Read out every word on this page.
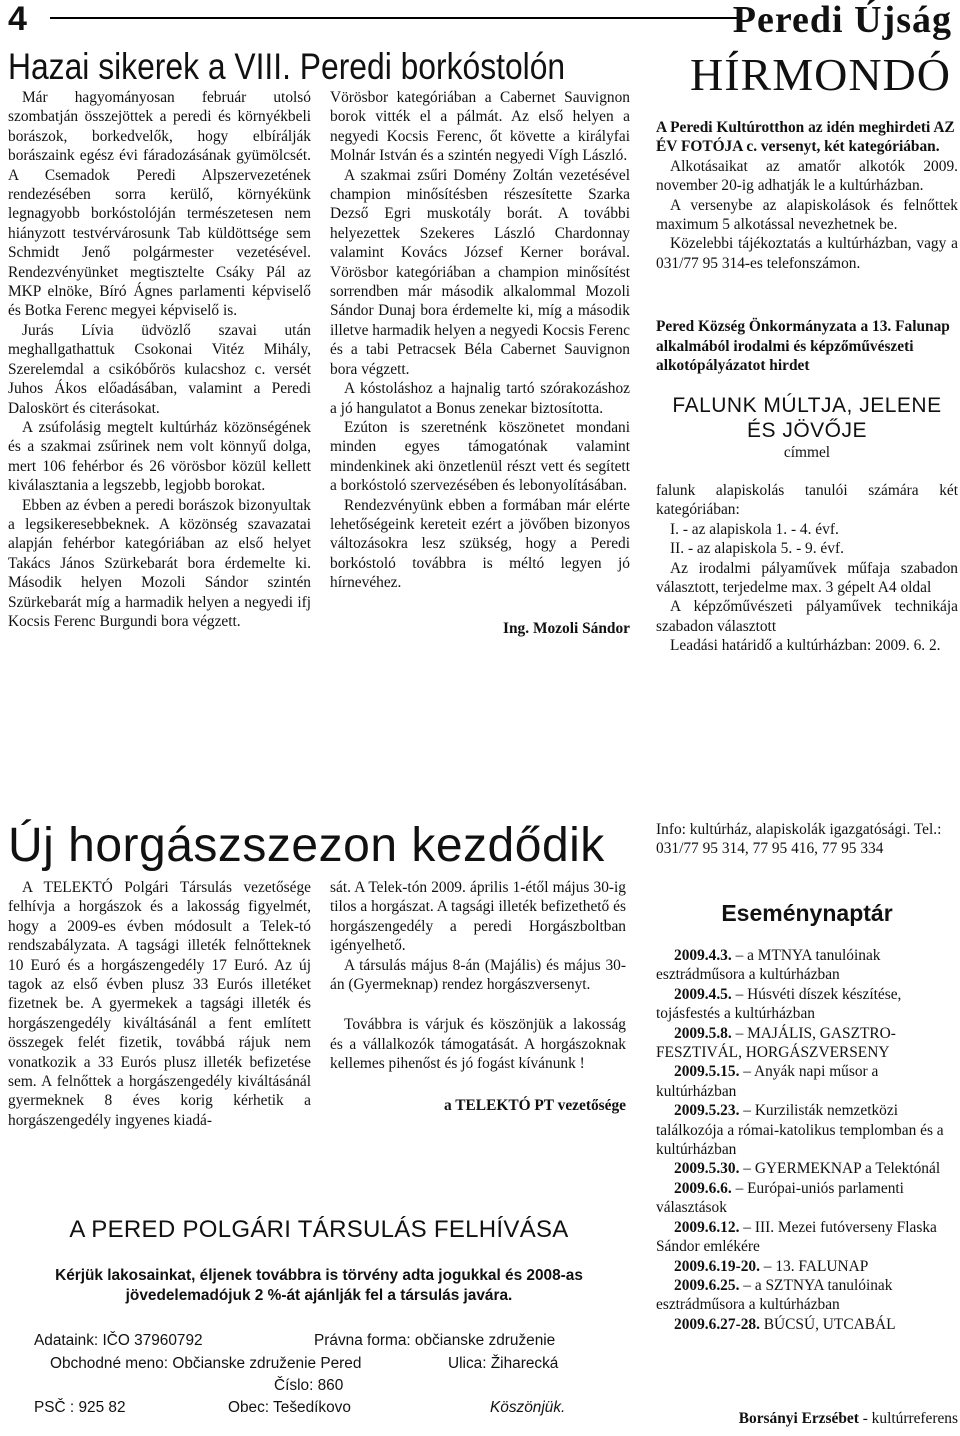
4	Peredi Újság
Hazai sikerek a VIII. Peredi borkóstolón	HÍRMONDÓ

Már hagyományosan február utolsó szombatján összejöttek a peredi és környékbeli borászok, borkedvelők, hogy elbírálják borászaink egész évi fáradozásának gyümölcsét. A Csemadok Peredi Alpszervezetének rendezésében sorra kerülő, környékünk legnagyobb borkóstolóján természetesen nem hiányzott testvérvárosunk Tab küldöttsége sem Schmidt Jenő polgármester vezetésével. Rendezvényünket megtisztelte Csáky Pál az MKP elnöke, Bíró Ágnes parlamenti képviselő és Botka Ferenc megyei képviselő is.

Jurás Lívia üdvözlő szavai után meghallgathattuk Csokonai Vitéz Mihály, Szerelemdal a csikóbőrös kulacshoz c. versét Juhos Ákos előadásában, valamint a Peredi Daloskört és citerásokat.

A zsúfolásig megtelt kultúrház közönségének és a szakmai zsűrinek nem volt könnyű dolga, mert 106 fehérbor és 26 vörösbor közül kellett kiválasztania a legszebb, legjobb borokat.

Ebben az évben a peredi borászok bizonyultak a legsikeresebbeknek. A közönség szavazatai alapján fehérbor kategóriában az első helyet Takács János Szürkebarát bora érdemelte ki. Második helyen Mozoli Sándor szintén Szürkebarát míg a harmadik helyen a negyedi ifj Kocsis Ferenc Burgundi bora végzett.

Vörösbor kategóriában a Cabernet Sauvignon borok vitték el a pálmát. Az első helyen a negyedi Kocsis Ferenc, őt követte a királyfai Molnár István és a szintén negyedi Vígh László.

A szakmai zsűri Domény Zoltán vezetésével champion minősítésben részesítette Szarka Dezső Egri muskotály borát. A további helyezettek Szekeres László Chardonnay valamint Kovács József Kerner borával. Vörösbor kategóriában a champion minősítést sorrendben már második alkalommal Mozoli Sándor Dunaj bora érdemelte ki, míg a második illetve harmadik helyen a negyedi Kocsis Ferenc és a tabi Petracsek Béla Cabernet Sauvignon bora végzett.

A kóstoláshoz a hajnalig tartó szórakozáshoz a jó hangulatot a Bonus zenekar biztosította.

Ezúton is szeretnénk köszönetet mondani minden egyes támogatónak valamint mindenkinek aki önzetlenül részt vett és segített a borkóstoló szervezésében és lebonyolításában.

Rendezvényünk ebben a formában már elérte lehetőségeink kereteit ezért a jövőben bizonyos változásokra lesz szükség, hogy a Peredi borkóstoló továbbra is méltó legyen jó hírnevéhez.

Ing. Mozoli Sándor

A Peredi Kultúrotthon az idén meghirdeti AZ ÉV FOTÓJA c. versenyt, két kategóriában.

Alkotásaikat az amatőr alkotók 2009. november 20-ig adhatják le a kultúrházban.

A versenybe az alapiskolások és felnőttek maximum 5 alkotással nevezhetnek be.

Közelebbi tájékoztatás a kultúrházban, vagy a 031/77 95 314-es telefonszámon.

Pered Község Önkormányzata a 13. Falunap alkalmából irodalmi és képzőművészeti alkotópályázatot hirdet

FALUNK MÚLTJA, JELENE ÉS JÖVŐJE
címmel

falunk alapiskolás tanulói számára két kategóriában:

I. - az alapiskola 1. - 4. évf.

II. - az alapiskola 5. - 9. évf.

Az irodalmi pályaművek műfaja szabadon választott, terjedelme max. 3 gépelt A4 oldal

A képzőművészeti pályaművek technikája szabadon választott

Leadási határidő a kultúrházban: 2009. 6. 2.

Info: kultúrház, alapiskolák igazgatósági. Tel.: 031/77 95 314, 77 95 416, 77 95 334
Eseménynaptár

2009.4.3. – a MTNYA tanulóinak esztrádműsora a kultúrházban

2009.4.5. – Húsvéti díszek készítése, tojásfestés a kultúrházban

2009.5.8. – MAJÁLIS, GASZTRO-FESZTIVÁL, HORGÁSZVERSENY

2009.5.15. – Anyák napi műsor a kultúrházban

2009.5.23. – Kurzilisták nemzetközi találkozója a római-katolikus templomban és a kultúrházban

2009.5.30. – GYERMEKNAP a Telektónál

2009.6.6. – Európai-uniós parlamenti választások

2009.6.12. – III. Mezei futóverseny Flaska Sándor emlékére

2009.6.19-20. – 13. FALUNAP

2009.6.25. – a SZTNYA tanulóinak esztrádműsora a kultúrházban

2009.6.27-28. BÚCSÚ, UTCABÁL

Borsányi Erzsébet - kultúrreferens
Új horgászszezon kezdődik

A TELEKTÓ Polgári Társulás vezetősége felhívja a horgászok és a lakosság figyelmét, hogy a 2009-es évben módosult a Telek-tó rendszabályzata. A tagsági illeték felnőtteknek 10 Euró és a horgászengedély 17 Euró. Az új tagok az első évben plusz 33 Eurós illetéket fizetnek be. A gyermekek a tagsági illeték és horgászengedély kiváltásánál a fent említett összegek felét fizetik, továbbá rájuk nem vonatkozik a 33 Eurós plusz illeték befizetése sem. A felnőttek a horgászengedély kiváltásánál gyermeknek 8 éves korig kérhetik a horgászengedély ingyenes kiadá-

sát. A Telek-tón 2009. április 1-étől május 30-ig tilos a horgászat. A tagsági illeték befizethető és horgászengedély a peredi Horgászboltban igényelhető.

A társulás május 8-án (Majális) és május 30-án (Gyermeknap) rendez horgászversenyt.

Továbbra is várjuk és köszönjük a lakosság és a vállalkozók támogatását. A horgászoknak kellemes pihenőst és jó fogást kívánunk !

a TELEKTÓ PT vezetősége
A PERED POLGÁRI TÁRSULÁS FELHÍVÁSA
Kérjük lakosainkat, éljenek továbbra is törvény adta jogukkal és 2008-as jövedelemadójuk 2 %-át ajánlják fel a társulás javára.
Adataink: IČO 37960792	Právna forma: občianske združenie
Obchodné meno: Občianske združenie Pered	Ulica: Žiharecká
Číslo: 860
PSČ : 925 82	Obec: Tešedíkovo	Köszönjük.
